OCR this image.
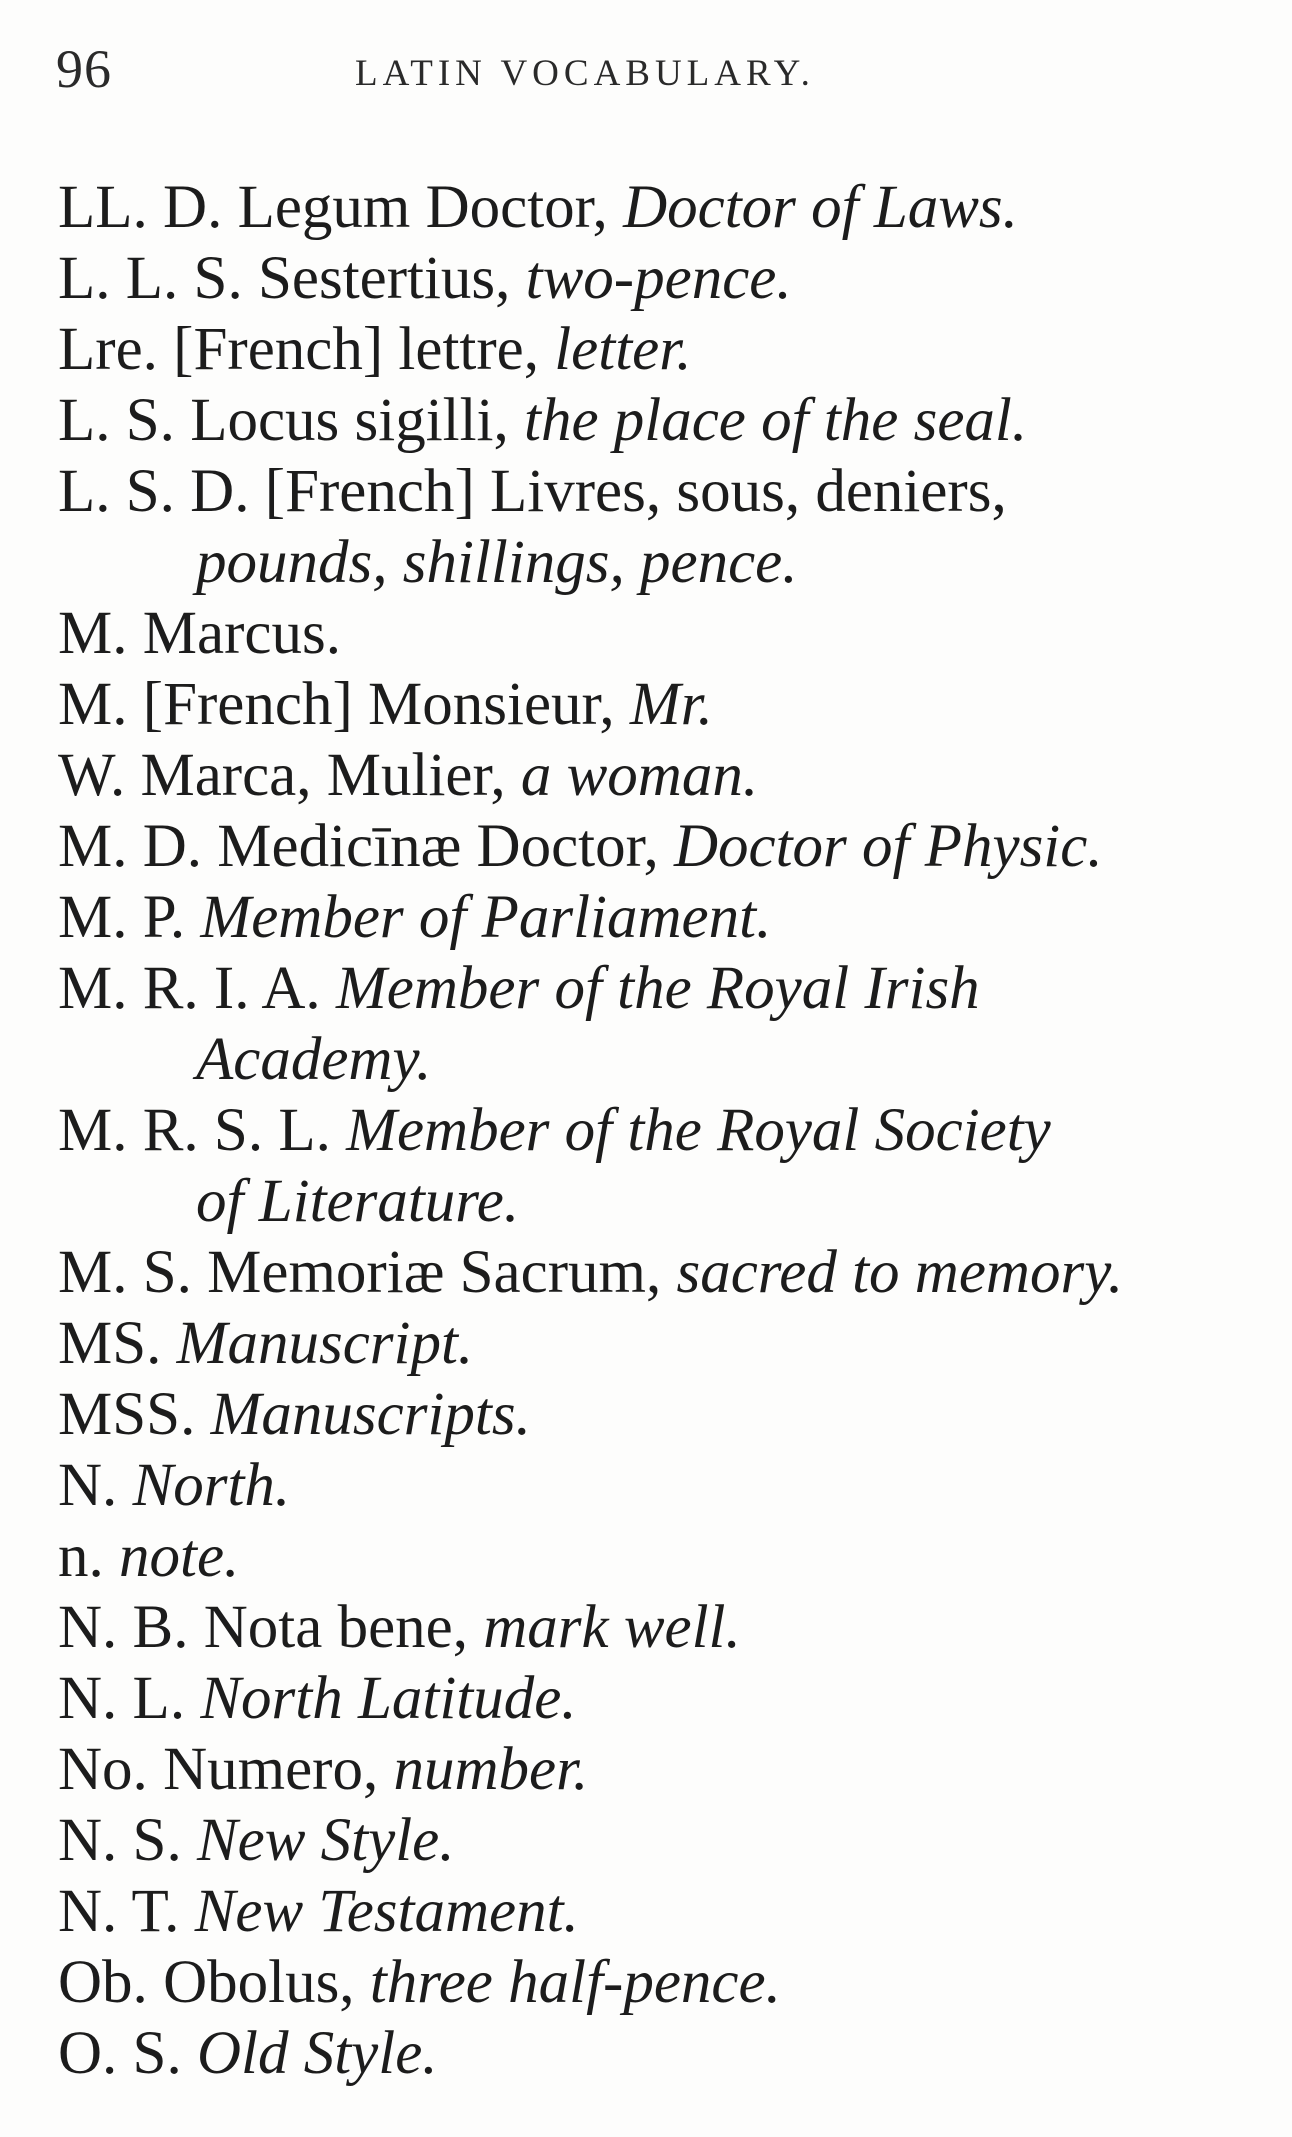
96	LATIN VOCABULARY.
LL. D. Legum Doctor, Doctor of Laws.
L. L. S. Sestertius, two-pence.
Lre. [French] lettre, letter.
L. S. Locus sigilli, the place of the seal.
L. S. D. [French] Livres, sous, deniers,
pounds, shillings, pence.
M. Marcus.
M. [French] Monsieur, Mr.
W. Marca, Mulier, a woman.
M. D. Medicīnæ Doctor, Doctor of Physic.
M. P. Member of Parliament.
M. R. I. A. Member of the Royal Irish
Academy.
M. R. S. L. Member of the Royal Society
of Literature.
M. S. Memoriæ Sacrum, sacred to memory.
MS. Manuscript.
MSS. Manuscripts.
N. North.
n. note.
N. B. Nota bene, mark well.
N. L. North Latitude.
No. Numero, number.
N. S. New Style.
N. T. New Testament.
Ob. Obolus, three half-pence.
O. S. Old Style.
